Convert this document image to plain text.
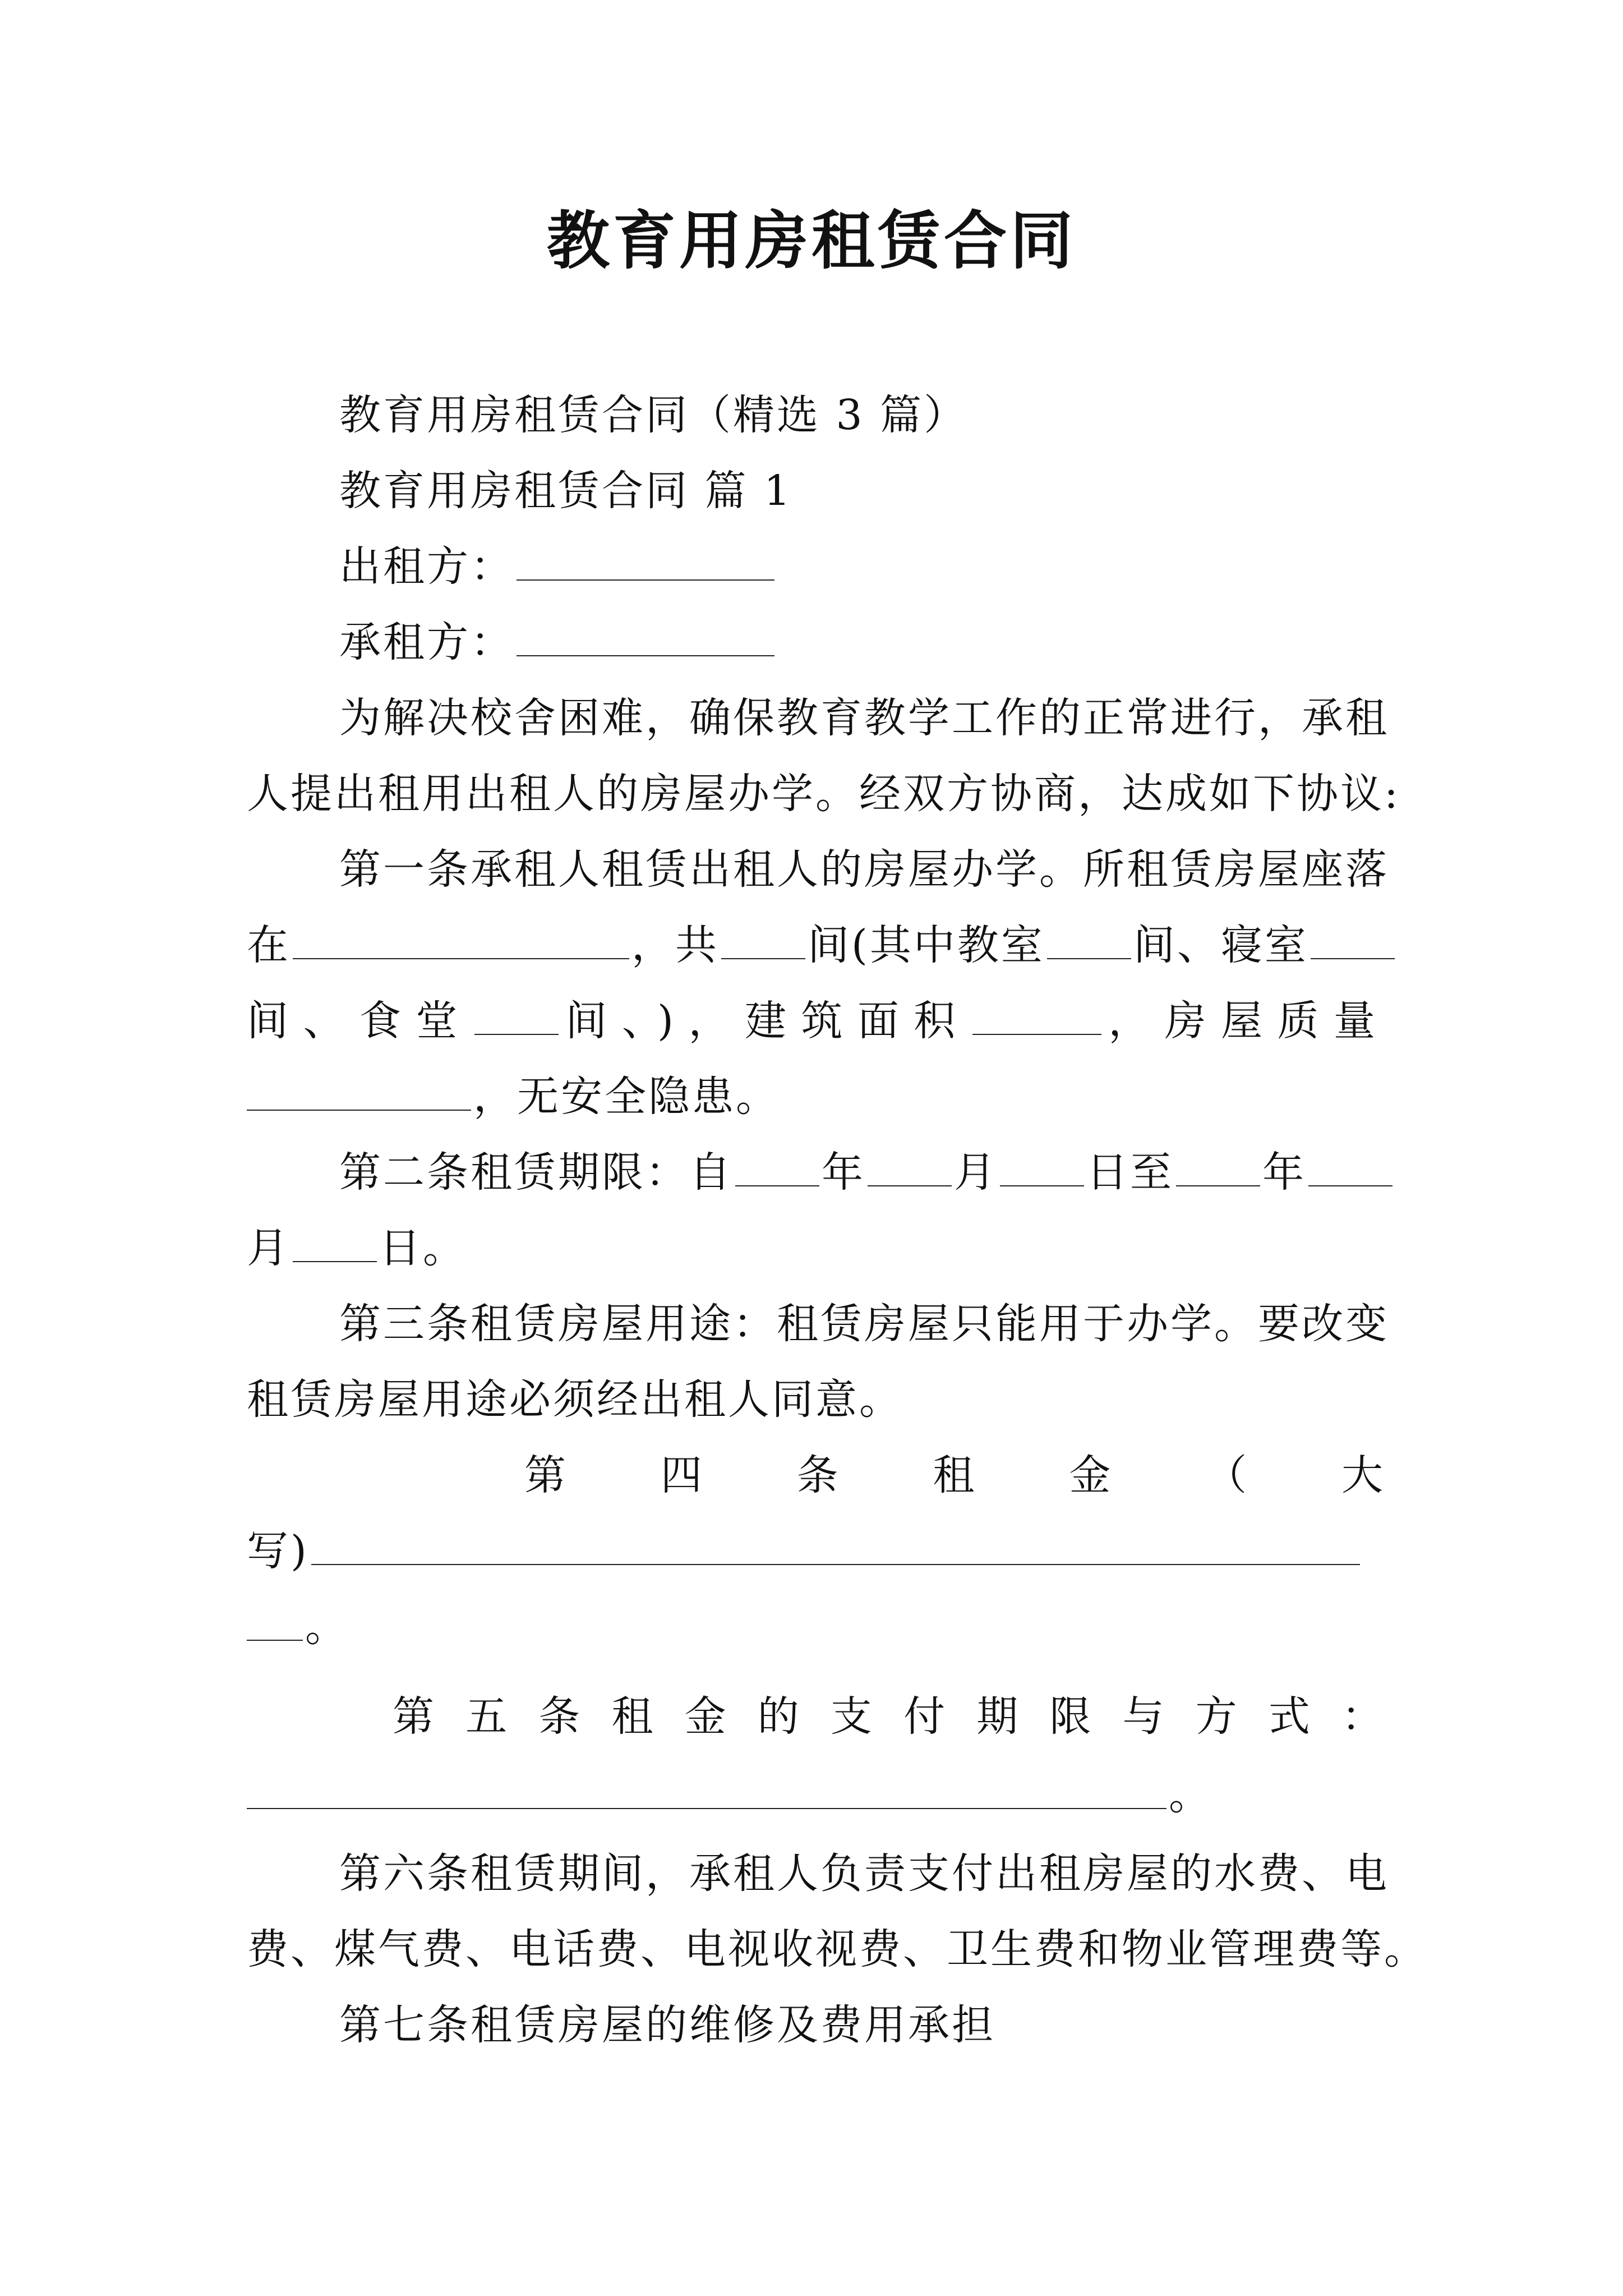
教育用房租赁合同
教育用房租赁合同（精选 3 篇）
教育用房租赁合同 篇 1
出租方：
承租方：
为解决校舍困难，确保教育教学工作的正常进行，承租
人提出租用出租人的房屋办学。经双方协商，达成如下协议:
第一条承租人租赁出租人的房屋办学。所租赁房屋座落
在	，共 间(其中教室 间、寝室
间、食堂 间、)，建筑面积	，房屋质量
，无安全隐患。
第二条租赁期限：自 年 月 日至 年
月 日。
第三条租赁房屋用途：租赁房屋只能用于办学。要改变
租赁房屋用途必须经出租人同意。
第 四 条 租 金 （ 大
写)
。
第 五 条 租 金 的 支 付 期 限 与 方 式 ：
。
第六条租赁期间，承租人负责支付出租房屋的水费、电
费、煤气费、电话费、电视收视费、卫生费和物业管理费等。
第七条租赁房屋的维修及费用承担
